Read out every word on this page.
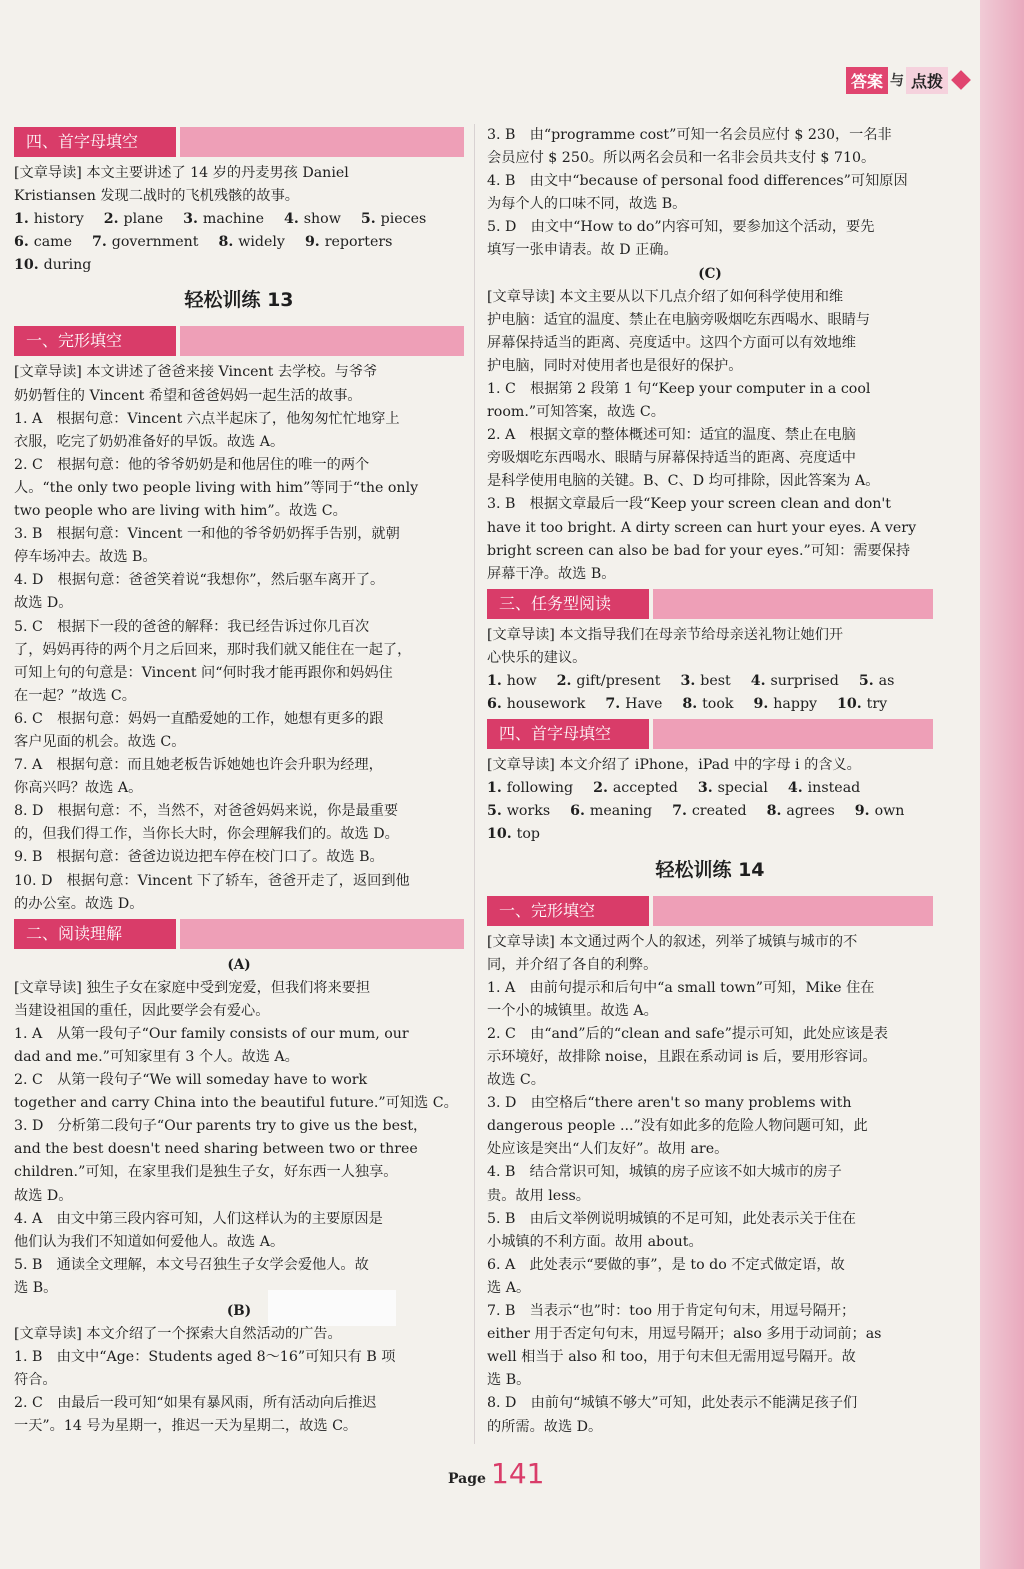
答案 与 点拨
四、首字母填空

[文章导读] 本文主要讲述了 14 岁的丹麦男孩 Daniel

Kristiansen 发现二战时的飞机残骸的故事。

1. history 2. plane 3. machine 4. show 5. pieces
6. came 7. government 8. widely 9. reporters
10. during
轻松训练 13
一、完形填空

[文章导读] 本文讲述了爸爸来接 Vincent 去学校。与爷爷

奶奶暂住的 Vincent 希望和爸爸妈妈一起生活的故事。

1. A　根据句意：Vincent 六点半起床了，他匆匆忙忙地穿上

衣服，吃完了奶奶准备好的早饭。故选 A。

2. C　根据句意：他的爷爷奶奶是和他居住的唯一的两个

人。“the only two people living with him”等同于“the only

two people who are living with him”。故选 C。

3. B　根据句意：Vincent 一和他的爷爷奶奶挥手告别，就朝

停车场冲去。故选 B。

4. D　根据句意：爸爸笑着说“我想你”，然后驱车离开了。

故选 D。

5. C　根据下一段的爸爸的解释：我已经告诉过你几百次

了，妈妈再待的两个月之后回来，那时我们就又能住在一起了，

可知上句的句意是：Vincent 问“何时我才能再跟你和妈妈住

在一起？”故选 C。

6. C　根据句意：妈妈一直酷爱她的工作，她想有更多的跟

客户见面的机会。故选 C。

7. A　根据句意：而且她老板告诉她她也许会升职为经理，

你高兴吗？故选 A。

8. D　根据句意：不，当然不，对爸爸妈妈来说，你是最重要

的，但我们得工作，当你长大时，你会理解我们的。故选 D。

9. B　根据句意：爸爸边说边把车停在校门口了。故选 B。

10. D　根据句意：Vincent 下了轿车，爸爸开走了，返回到他

的办公室。故选 D。

二、阅读理解
(A)

[文章导读] 独生子女在家庭中受到宠爱，但我们将来要担

当建设祖国的重任，因此要学会有爱心。

1. A　从第一段句子“Our family consists of our mum, our

dad and me.”可知家里有 3 个人。故选 A。

2. C　从第一段句子“We will someday have to work

together and carry China into the beautiful future.”可知选 C。

3. D　分析第二段句子“Our parents try to give us the best，

and the best doesn't need sharing between two or three

children.”可知，在家里我们是独生子女，好东西一人独享。

故选 D。

4. A　由文中第三段内容可知，人们这样认为的主要原因是

他们认为我们不知道如何爱他人。故选 A。

5. B　通读全文理解，本文号召独生子女学会爱他人。故

选 B。

(B)

[文章导读] 本文介绍了一个探索大自然活动的广告。

1. B　由文中“Age：Students aged 8～16”可知只有 B 项

符合。

2. C　由最后一段可知“如果有暴风雨，所有活动向后推迟

一天”。14 号为星期一，推迟一天为星期二，故选 C。

3. B　由“programme cost”可知一名会员应付 $ 230，一名非

会员应付 $ 250。所以两名会员和一名非会员共支付 $ 710。

4. B　由文中“because of personal food differences”可知原因

为每个人的口味不同，故选 B。

5. D　由文中“How to do”内容可知，要参加这个活动，要先

填写一张申请表。故 D 正确。

(C)

[文章导读] 本文主要从以下几点介绍了如何科学使用和维

护电脑：适宜的温度、禁止在电脑旁吸烟吃东西喝水、眼睛与

屏幕保持适当的距离、亮度适中。这四个方面可以有效地维

护电脑，同时对使用者也是很好的保护。

1. C　根据第 2 段第 1 句“Keep your computer in a cool

room.”可知答案，故选 C。

2. A　根据文章的整体概述可知：适宜的温度、禁止在电脑

旁吸烟吃东西喝水、眼睛与屏幕保持适当的距离、亮度适中

是科学使用电脑的关键。B、C、D 均可排除，因此答案为 A。

3. B　根据文章最后一段“Keep your screen clean and don't

have it too bright. A dirty screen can hurt your eyes. A very

bright screen can also be bad for your eyes.”可知：需要保持

屏幕干净。故选 B。

三、任务型阅读

[文章导读] 本文指导我们在母亲节给母亲送礼物让她们开

心快乐的建议。

1. how 2. gift/present 3. best 4. surprised 5. as
6. housework 7. Have 8. took 9. happy 10. try
四、首字母填空

[文章导读] 本文介绍了 iPhone，iPad 中的字母 i 的含义。

1. following 2. accepted 3. special 4. instead
5. works 6. meaning 7. created 8. agrees 9. own
10. top
轻松训练 14
一、完形填空

[文章导读] 本文通过两个人的叙述，列举了城镇与城市的不

同，并介绍了各自的利弊。

1. A　由前句提示和后句中“a small town”可知，Mike 住在

一个小的城镇里。故选 A。

2. C　由“and”后的“clean and safe”提示可知，此处应该是表

示环境好，故排除 noise，且跟在系动词 is 后，要用形容词。

故选 C。

3. D　由空格后“there aren't so many problems with

dangerous people ...”没有如此多的危险人物问题可知，此

处应该是突出“人们友好”。故用 are。

4. B　结合常识可知，城镇的房子应该不如大城市的房子

贵。故用 less。

5. B　由后文举例说明城镇的不足可知，此处表示关于住在

小城镇的不利方面。故用 about。

6. A　此处表示“要做的事”，是 to do 不定式做定语，故

选 A。

7. B　当表示“也”时：too 用于肯定句句末，用逗号隔开；

either 用于否定句句末，用逗号隔开；also 多用于动词前；as

well 相当于 also 和 too，用于句末但无需用逗号隔开。故

选 B。

8. D　由前句“城镇不够大”可知，此处表示不能满足孩子们

的所需。故选 D。

Page 141
